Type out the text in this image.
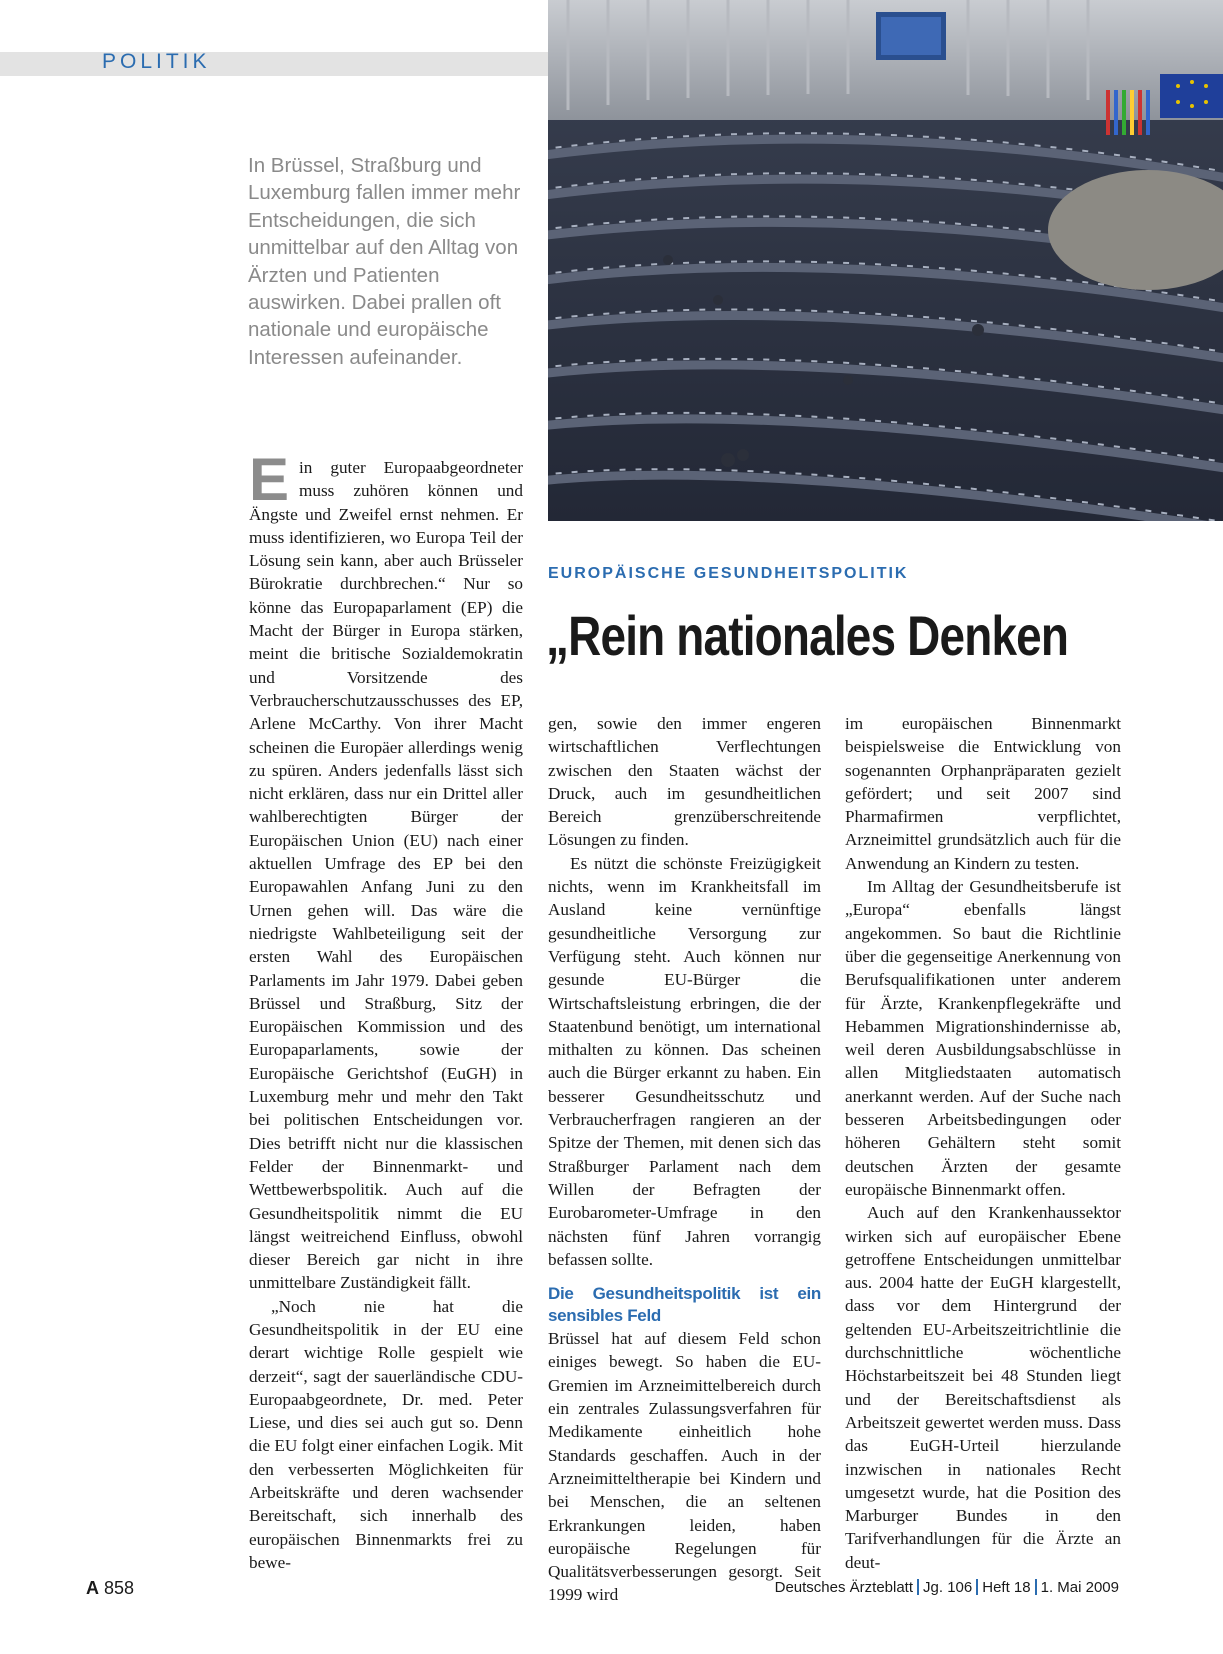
POLITIK
In Brüssel, Straßburg und Luxemburg fallen immer mehr Entscheidungen, die sich unmittelbar auf den Alltag von Ärzten und Patienten auswirken. Dabei prallen oft nationale und europäische Interessen aufeinander.

E in guter Europaabgeordneter muss zuhören können und Ängste und Zweifel ernst nehmen. Er muss identifizieren, wo Europa Teil der Lösung sein kann, aber auch Brüsseler Bürokratie durchbrechen.“ Nur so könne das Europaparlament (EP) die Macht der Bürger in Europa stärken, meint die britische Sozialdemokratin und Vorsitzende des Verbraucherschutzausschusses des EP, Arlene McCarthy. Von ihrer Macht scheinen die Europäer allerdings wenig zu spüren. Anders jedenfalls lässt sich nicht erklären, dass nur ein Drittel aller wahlberechtigten Bürger der Europäischen Union (EU) nach einer aktuellen Umfrage des EP bei den Europawahlen Anfang Juni zu den Urnen gehen will. Das wäre die niedrigste Wahlbeteiligung seit der ersten Wahl des Europäischen Parlaments im Jahr 1979. Dabei geben Brüssel und Straßburg, Sitz der Europäischen Kommission und des Europaparlaments, sowie der Europäische Gerichtshof (EuGH) in Luxemburg mehr und mehr den Takt bei politischen Entscheidungen vor. Dies betrifft nicht nur die klassischen Felder der Binnenmarkt- und Wettbewerbspolitik. Auch auf die Gesundheitspolitik nimmt die EU längst weitreichend Einfluss, obwohl dieser Bereich gar nicht in ihre unmittelbare Zuständigkeit fällt.

„Noch nie hat die Gesundheitspolitik in der EU eine derart wichtige Rolle gespielt wie derzeit“, sagt der sauerländische CDU-Europaabgeordnete, Dr. med. Peter Liese, und dies sei auch gut so. Denn die EU folgt einer einfachen Logik. Mit den verbesserten Möglichkeiten für Arbeitskräfte und deren wachsender Bereitschaft, sich innerhalb des europäischen Binnenmarkts frei zu bewe-

EUROPÄISCHE GESUNDHEITSPOLITIK
„Rein nationales Denken

gen, sowie den immer engeren wirtschaftlichen Verflechtungen zwischen den Staaten wächst der Druck, auch im gesundheitlichen Bereich grenzüberschreitende Lösungen zu finden.

Es nützt die schönste Freizügigkeit nichts, wenn im Krankheitsfall im Ausland keine vernünftige gesundheitliche Versorgung zur Verfügung steht. Auch können nur gesunde EU-Bürger die Wirtschaftsleistung erbringen, die der Staatenbund benötigt, um international mithalten zu können. Das scheinen auch die Bürger erkannt zu haben. Ein besserer Gesundheitsschutz und Verbraucherfragen rangieren an der Spitze der Themen, mit denen sich das Straßburger Parlament nach dem Willen der Befragten der Eurobarometer-Umfrage in den nächsten fünf Jahren vorrangig befassen sollte.

Die Gesundheitspolitik ist ein sensibles Feld

Brüssel hat auf diesem Feld schon einiges bewegt. So haben die EU-Gremien im Arzneimittelbereich durch ein zentrales Zulassungsverfahren für Medikamente einheitlich hohe Standards geschaffen. Auch in der Arzneimitteltherapie bei Kindern und bei Menschen, die an seltenen Erkrankungen leiden, haben europäische Regelungen für Qualitätsverbesserungen gesorgt. Seit 1999 wird

im europäischen Binnenmarkt beispielsweise die Entwicklung von sogenannten Orphanpräparaten gezielt gefördert; und seit 2007 sind Pharmafirmen verpflichtet, Arzneimittel grundsätzlich auch für die Anwendung an Kindern zu testen.

Im Alltag der Gesundheitsberufe ist „Europa“ ebenfalls längst angekommen. So baut die Richtlinie über die gegenseitige Anerkennung von Berufsqualifikationen unter anderem für Ärzte, Krankenpflegekräfte und Hebammen Migrationshindernisse ab, weil deren Ausbildungsabschlüsse in allen Mitgliedstaaten automatisch anerkannt werden. Auf der Suche nach besseren Arbeitsbedingungen oder höheren Gehältern steht somit deutschen Ärzten der gesamte europäische Binnenmarkt offen.

Auch auf den Krankenhaussektor wirken sich auf europäischer Ebene getroffene Entscheidungen unmittelbar aus. 2004 hatte der EuGH klargestellt, dass vor dem Hintergrund der geltenden EU-Arbeitszeitrichtlinie die durchschnittliche wöchentliche Höchstarbeitszeit bei 48 Stunden liegt und der Bereitschaftsdienst als Arbeitszeit gewertet werden muss. Dass das EuGH-Urteil hierzulande inzwischen in nationales Recht umgesetzt wurde, hat die Position des Marburger Bundes in den Tarifverhandlungen für die Ärzte an deut-

A 858	Deutsches Ärzteblatt Jg. 106 Heft 18 1. Mai 2009
